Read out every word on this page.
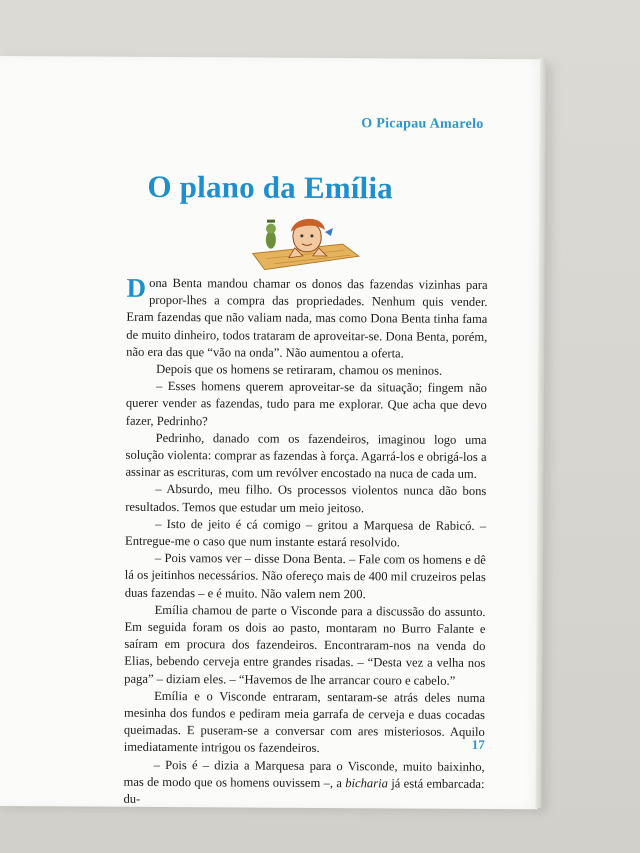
O Picapau Amarelo
O plano da Emília

Dona Benta mandou chamar os donos das fazendas vizinhas para propor-lhes a compra das propriedades. Nenhum quis vender. Eram fazendas que não valiam nada, mas como Dona Benta tinha fama de muito dinheiro, todos trataram de aproveitar-se. Dona Benta, porém, não era das que “vão na onda”. Não aumentou a oferta.

Depois que os homens se retiraram, chamou os meninos.

– Esses homens querem aproveitar-se da situação; fingem não querer vender as fazendas, tudo para me explorar. Que acha que devo fazer, Pedrinho?

Pedrinho, danado com os fazendeiros, imaginou logo uma solução violenta: comprar as fazendas à força. Agarrá-los e obrigá-los a assinar as escrituras, com um revólver encostado na nuca de cada um.

– Absurdo, meu filho. Os processos violentos nunca dão bons resultados. Temos que estudar um meio jeitoso.

– Isto de jeito é cá comigo – gritou a Marquesa de Rabicó. – Entregue-me o caso que num instante estará resolvido.

– Pois vamos ver – disse Dona Benta. – Fale com os homens e dê lá os jeitinhos necessários. Não ofereço mais de 400 mil cruzeiros pelas duas fazendas – e é muito. Não valem nem 200.

Emília chamou de parte o Visconde para a discussão do assunto. Em seguida foram os dois ao pasto, montaram no Burro Falante e saíram em procura dos fazendeiros. Encontraram-nos na venda do Elias, bebendo cerveja entre grandes risadas. – “Desta vez a velha nos paga” – diziam eles. – “Havemos de lhe arrancar couro e cabelo.”

Emília e o Visconde entraram, sentaram-se atrás deles numa mesinha dos fundos e pediram meia garrafa de cerveja e duas cocadas queimadas. E puseram-se a conversar com ares misteriosos. Aquilo imediatamente intrigou os fazendeiros.

– Pois é – dizia a Marquesa para o Visconde, muito baixinho, mas de modo que os homens ouvissem –, a bicharia já está embarcada: du-

17
